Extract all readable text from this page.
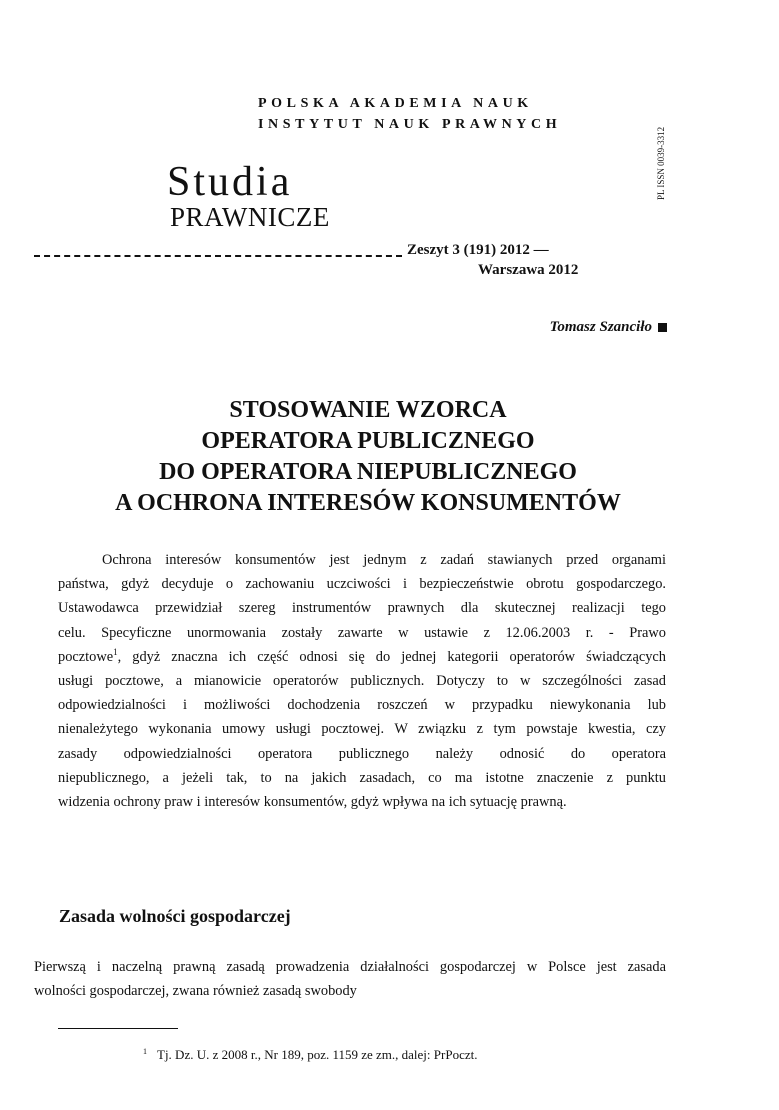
POLSKA AKADEMIA NAUK
INSTYTUT NAUK PRAWNYCH
PL ISSN 0039-3312
Studia
PRAWNICZE
Zeszyt 3 (191) 2012 —
Warszawa 2012
Tomasz Szanciło
STOSOWANIE WZORCA
OPERATORA PUBLICZNEGO
DO OPERATORA NIEPUBLICZNEGO
A OCHRONA INTERESÓW KONSUMENTÓW
Ochrona interesów konsumentów jest jednym z zadań stawianych przed organami
państwa, gdyż decyduje o zachowaniu uczciwości i bezpieczeństwie obrotu gospodarczego.
Ustawodawca przewidział szereg instrumentów prawnych dla skutecznej realizacji tego
celu. Specyficzne unormowania zostały zawarte w ustawie z 12.06.2003 r. - Prawo
pocztowe$^1$, gdyż znaczna ich część odnosi się do jednej kategorii operatorów świadczących
usługi pocztowe, a mianowicie operatorów publicznych. Dotyczy to w szczególności zasad
odpowiedzialności i możliwości dochodzenia roszczeń w przypadku niewykonania lub
nienależytego wykonania umowy usługi pocztowej. W związku z tym powstaje kwestia, czy
zasady odpowiedzialności operatora publicznego należy odnosić do operatora
niepublicznego, a jeżeli tak, to na jakich zasadach, co ma istotne znaczenie z punktu
widzenia ochrony praw i interesów konsumentów, gdyż wpływa na ich sytuację prawną.
Zasada wolności gospodarczej
Pierwszą i naczelną prawną zasadą prowadzenia działalności gospodarczej w Polsce jest zasada
wolności gospodarczej, zwana również zasadą swobody
$^1$ Tj. Dz. U. z 2008 r., Nr 189, poz. 1159 ze zm., dalej: PrPoczt.
